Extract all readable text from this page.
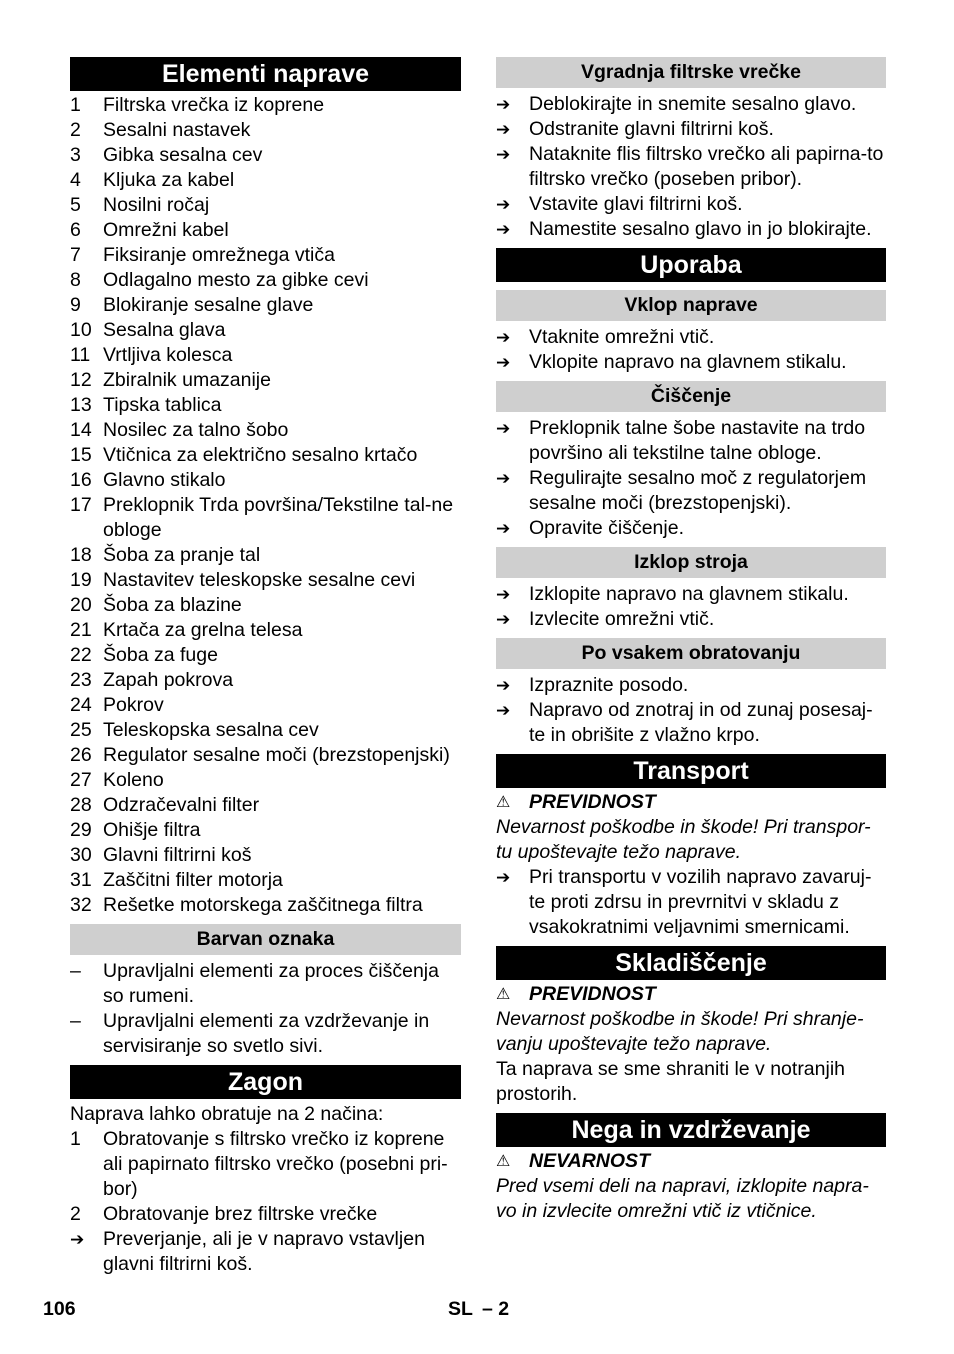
Elementi naprave
1	Filtrska vrečka iz koprene
2	Sesalni nastavek
3	Gibka sesalna cev
4	Kljuka za kabel
5	Nosilni ročaj
6	Omrežni kabel
7	Fiksiranje omrežnega vtiča
8	Odlagalno mesto za gibke cevi
9	Blokiranje sesalne glave
10 Sesalna glava
11 Vrtljiva kolesca
12 Zbiralnik umazanije
13 Tipska tablica
14 Nosilec za talno šobo
15 Vtičnica za električno sesalno krtačo
16 Glavno stikalo
17 Preklopnik Trda površina/Tekstilne tal-ne obloge
18 Šoba za pranje tal
19 Nastavitev teleskopske sesalne cevi
20 Šoba za blazine
21 Krtača za grelna telesa
22 Šoba za fuge
23 Zapah pokrova
24 Pokrov
25 Teleskopska sesalna cev
26 Regulator sesalne moči (brezstopenjski)
27 Koleno
28 Odzračevalni filter
29 Ohišje filtra
30 Glavni filtrirni koš
31 Zaščitni filter motorja
32 Rešetke motorskega zaščitnega filtra
Barvan oznaka
–	Upravljalni elementi za proces čiščenja so rumeni.
–	Upravljalni elementi za vzdrževanje in servisiranje so svetlo sivi.
Zagon
Naprava lahko obratuje na 2 načina:
1	Obratovanje s filtrsko vrečko iz koprene ali papirnato filtrsko vrečko (posebni pri-bor)
2	Obratovanje brez filtrske vrečke
➔ Preverjanje, ali je v napravo vstavljen glavni filtrirni koš.
Vgradnja filtrske vrečke
➔ Deblokirajte in snemite sesalno glavo.
➔ Odstranite glavni filtrirni koš.
➔ Nataknite flis filtrsko vrečko ali papirna-to filtrsko vrečko (poseben pribor).
➔ Vstavite glavi filtrirni koš.
➔ Namestite sesalno glavo in jo blokirajte.
Uporaba
Vklop naprave
➔ Vtaknite omrežni vtič.
➔ Vklopite napravo na glavnem stikalu.
Čiščenje
➔ Preklopnik talne šobe nastavite na trdo površino ali tekstilne talne obloge.
➔ Regulirajte sesalno moč z regulatorjem sesalne moči (brezstopenjski).
➔ Opravite čiščenje.
Izklop stroja
➔ Izklopite napravo na glavnem stikalu.
➔ Izvlecite omrežni vtič.
Po vsakem obratovanju
➔ Izpraznite posodo.
➔ Napravo od znotraj in od zunaj posesaj-te in obrišite z vlažno krpo.
Transport
⚠ PREVIDNOST
Nevarnost poškodbe in škode! Pri transpor-tu upoštevajte težo naprave.
➔ Pri transportu v vozilih napravo zavaruj-te proti zdrsu in prevrnitvi v skladu z vsakokratnimi veljavnimi smernicami.
Skladiščenje
⚠ PREVIDNOST
Nevarnost poškodbe in škode! Pri shranje-vanju upoštevajte težo naprave.
Ta naprava se sme shraniti le v notranjih prostorih.
Nega in vzdrževanje
⚠ NEVARNOST
Pred vsemi deli na napravi, izklopite napra-vo in izvlecite omrežni vtič iz vtičnice.
106	SL – 2
